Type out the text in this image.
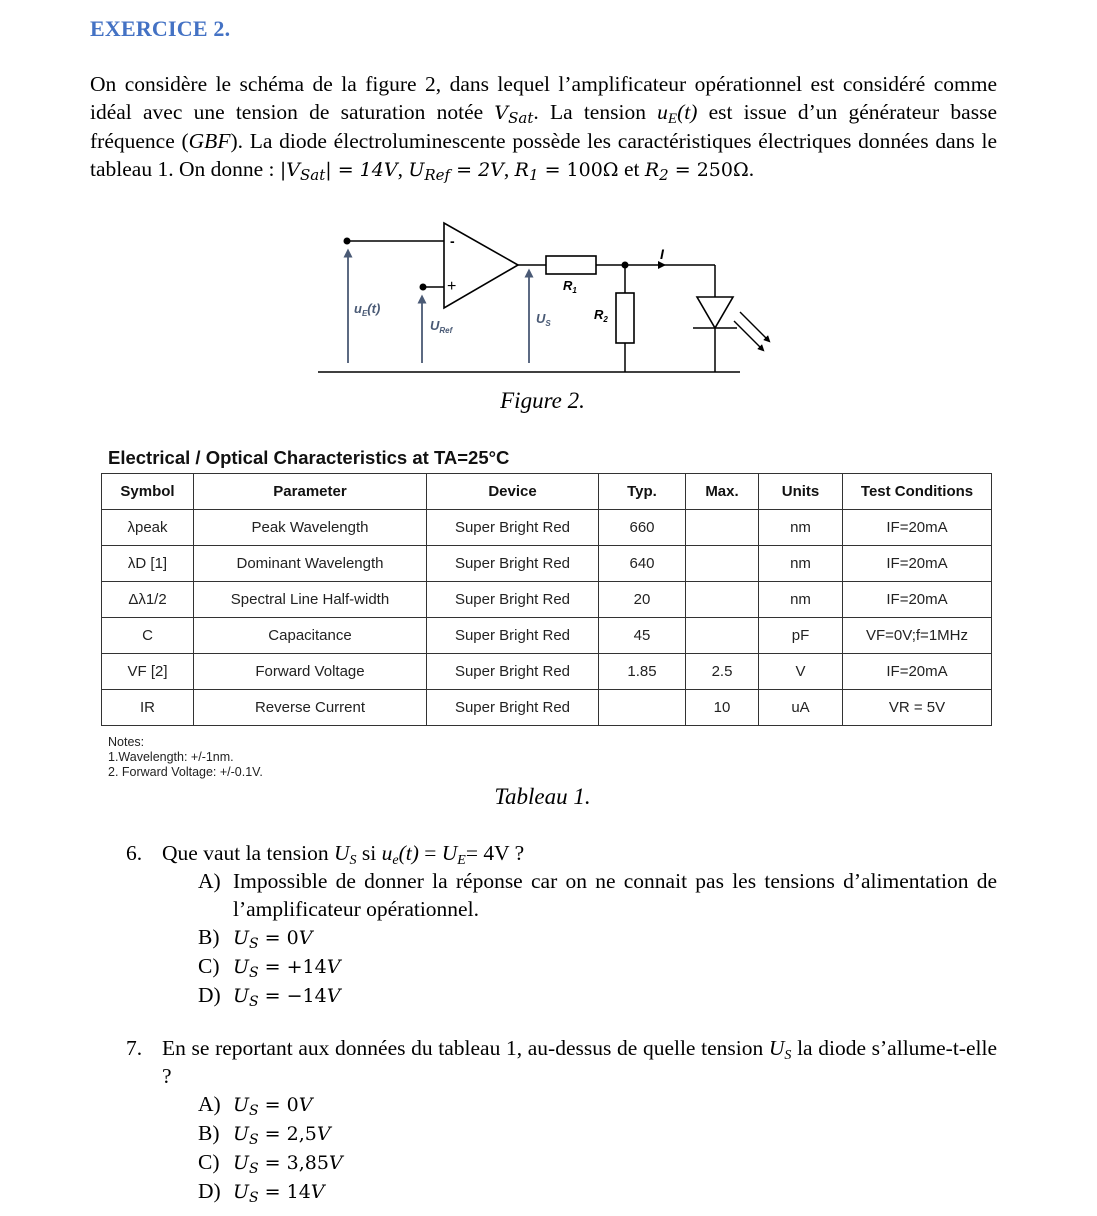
EXERCICE 2.
On considère le schéma de la figure 2, dans lequel l’amplificateur opérationnel est considéré comme idéal avec une tension de saturation notée $V_{Sat}$. La tension $u_E(t)$ est issue d’un générateur basse fréquence (GBF). La diode électroluminescente possède les caractéristiques électriques données dans le tableau 1. On donne : $|V_{Sat}| = 14V$, $U_{Ref} = 2V$, $R_1 = 100\Omega$ et $R_2 = 250\Omega$.
-
+
$u_E(t)$
$U_{Ref}$
$U_S$
$R_1$
$R_2$
I
Figure 2.
Electrical / Optical Characteristics at TA=25°C
Symbol	Parameter	Device	Typ.	Max.	Units	Test Conditions
λpeak	Peak Wavelength	Super Bright Red	660		nm	IF=20mA
λD [1]	Dominant Wavelength	Super Bright Red	640		nm	IF=20mA
Δλ1/2	Spectral Line Half-width	Super Bright Red	20		nm	IF=20mA
C	Capacitance	Super Bright Red	45		pF	VF=0V;f=1MHz
VF [2]	Forward Voltage	Super Bright Red	1.85	2.5	V	IF=20mA
IR	Reverse Current	Super Bright Red		10	uA	VR = 5V
Notes:
1.Wavelength: +/-1nm.
2. Forward Voltage: +/-0.1V.
Tableau 1.
6. Que vaut la tension $U_S$ si $u_e(t) = U_E= 4V$ ?
A) Impossible de donner la réponse car on ne connait pas les tensions d’alimentation de l’amplificateur opérationnel.
B) $U_S = 0V$
C) $U_S = +14V$
D) $U_S = -14V$
7. En se reportant aux données du tableau 1, au-dessus de quelle tension $U_S$ la diode s’allume-t-elle ?
A) $U_S = 0V$
B) $U_S = 2,5V$
C) $U_S = 3,85V$
D) $U_S = 14V$
